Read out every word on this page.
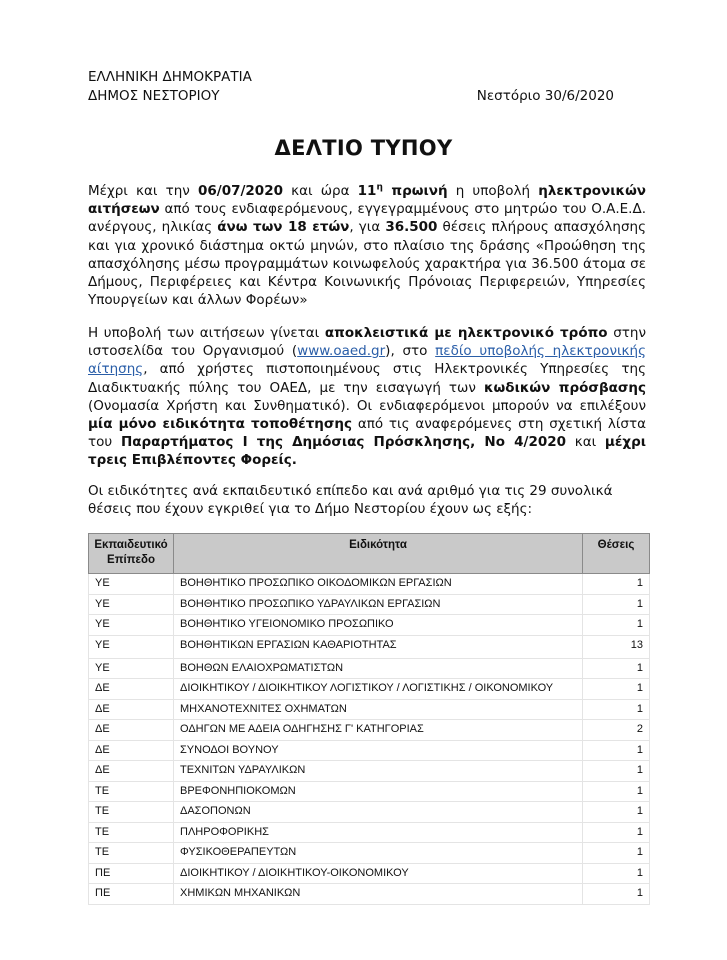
ΕΛΛΗΝΙΚΗ ΔΗΜΟΚΡΑΤΙΑ
ΔΗΜΟΣ ΝΕΣΤΟΡΙΟΥ	Νεστόριο 30/6/2020
ΔΕΛΤΙΟ ΤΥΠΟΥ
Μέχρι και την 06/07/2020 και ώρα $11^\eta$ πρωινή η υποβολή ηλεκτρονικών αιτήσεων από τους ενδιαφερόμενους, εγγεγραμμένους στο μητρώο του Ο.Α.Ε.Δ. ανέργους, ηλικίας άνω των 18 ετών, για 36.500 θέσεις πλήρους απασχόλησης και για χρονικό διάστημα οκτώ μηνών, στο πλαίσιο της δράσης «Προώθηση της απασχόλησης μέσω προγραμμάτων κοινωφελούς χαρακτήρα για 36.500 άτομα σε Δήμους, Περιφέρειες και Κέντρα Κοινωνικής Πρόνοιας Περιφερειών, Υπηρεσίες Υπουργείων και άλλων Φορέων»
Η υποβολή των αιτήσεων γίνεται αποκλειστικά με ηλεκτρονικό τρόπο στην ιστοσελίδα του Οργανισμού (www.oaed.gr), στο πεδίο υποβολής ηλεκτρονικής αίτησης, από χρήστες πιστοποιημένους στις Ηλεκτρονικές Υπηρεσίες της Διαδικτυακής πύλης του ΟΑΕΔ, με την εισαγωγή των κωδικών πρόσβασης (Ονομασία Χρήστη και Συνθηματικό). Οι ενδιαφερόμενοι μπορούν να επιλέξουν μία μόνο ειδικότητα τοποθέτησης από τις αναφερόμενες στη σχετική λίστα του Παραρτήματος Ι της Δημόσιας Πρόσκλησης, Νο 4/2020 και μέχρι τρεις Επιβλέποντες Φορείς.
Οι ειδικότητες ανά εκπαιδευτικό επίπεδο και ανά αριθμό για τις 29 συνολικά θέσεις που έχουν εγκριθεί για το Δήμο Νεστορίου έχουν ως εξής:
Εκπαιδευτικό Επίπεδο	Ειδικότητα	Θέσεις
ΥΕ	ΒΟΗΘΗΤΙΚΟ ΠΡΟΣΩΠΙΚΟ ΟΙΚΟΔΟΜΙΚΩΝ ΕΡΓΑΣΙΩΝ	1
ΥΕ	ΒΟΗΘΗΤΙΚΟ ΠΡΟΣΩΠΙΚΟ ΥΔΡΑΥΛΙΚΩΝ ΕΡΓΑΣΙΩΝ	1
ΥΕ	ΒΟΗΘΗΤΙΚΟ ΥΓΕΙΟΝΟΜΙΚΟ ΠΡΟΣΩΠΙΚΟ	1
ΥΕ	ΒΟΗΘΗΤΙΚΩΝ ΕΡΓΑΣΙΩΝ ΚΑΘΑΡΙΟΤΗΤΑΣ	13
ΥΕ	ΒΟΗΘΩΝ ΕΛΑΙΟΧΡΩΜΑΤΙΣΤΩΝ	1
ΔΕ	ΔΙΟΙΚΗΤΙΚΟΥ / ΔΙΟΙΚΗΤΙΚΟΥ ΛΟΓΙΣΤΙΚΟΥ / ΛΟΓΙΣΤΙΚΗΣ / ΟΙΚΟΝΟΜΙΚΟΥ	1
ΔΕ	ΜΗΧΑΝΟΤΕΧΝΙΤΕΣ ΟΧΗΜΑΤΩΝ	1
ΔΕ	ΟΔΗΓΩΝ ΜΕ ΑΔΕΙΑ ΟΔΗΓΗΣΗΣ Γ' ΚΑΤΗΓΟΡΙΑΣ	2
ΔΕ	ΣΥΝΟΔΟΙ ΒΟΥΝΟΥ	1
ΔΕ	ΤΕΧΝΙΤΩΝ ΥΔΡΑΥΛΙΚΩΝ	1
ΤΕ	ΒΡΕΦΟΝΗΠΙΟΚΟΜΩΝ	1
ΤΕ	ΔΑΣΟΠΟΝΩΝ	1
ΤΕ	ΠΛΗΡΟΦΟΡΙΚΗΣ	1
ΤΕ	ΦΥΣΙΚΟΘΕΡΑΠΕΥΤΩΝ	1
ΠΕ	ΔΙΟΙΚΗΤΙΚΟΥ / ΔΙΟΙΚΗΤΙΚΟΥ-ΟΙΚΟΝΟΜΙΚΟΥ	1
ΠΕ	ΧΗΜΙΚΩΝ ΜΗΧΑΝΙΚΩΝ	1
